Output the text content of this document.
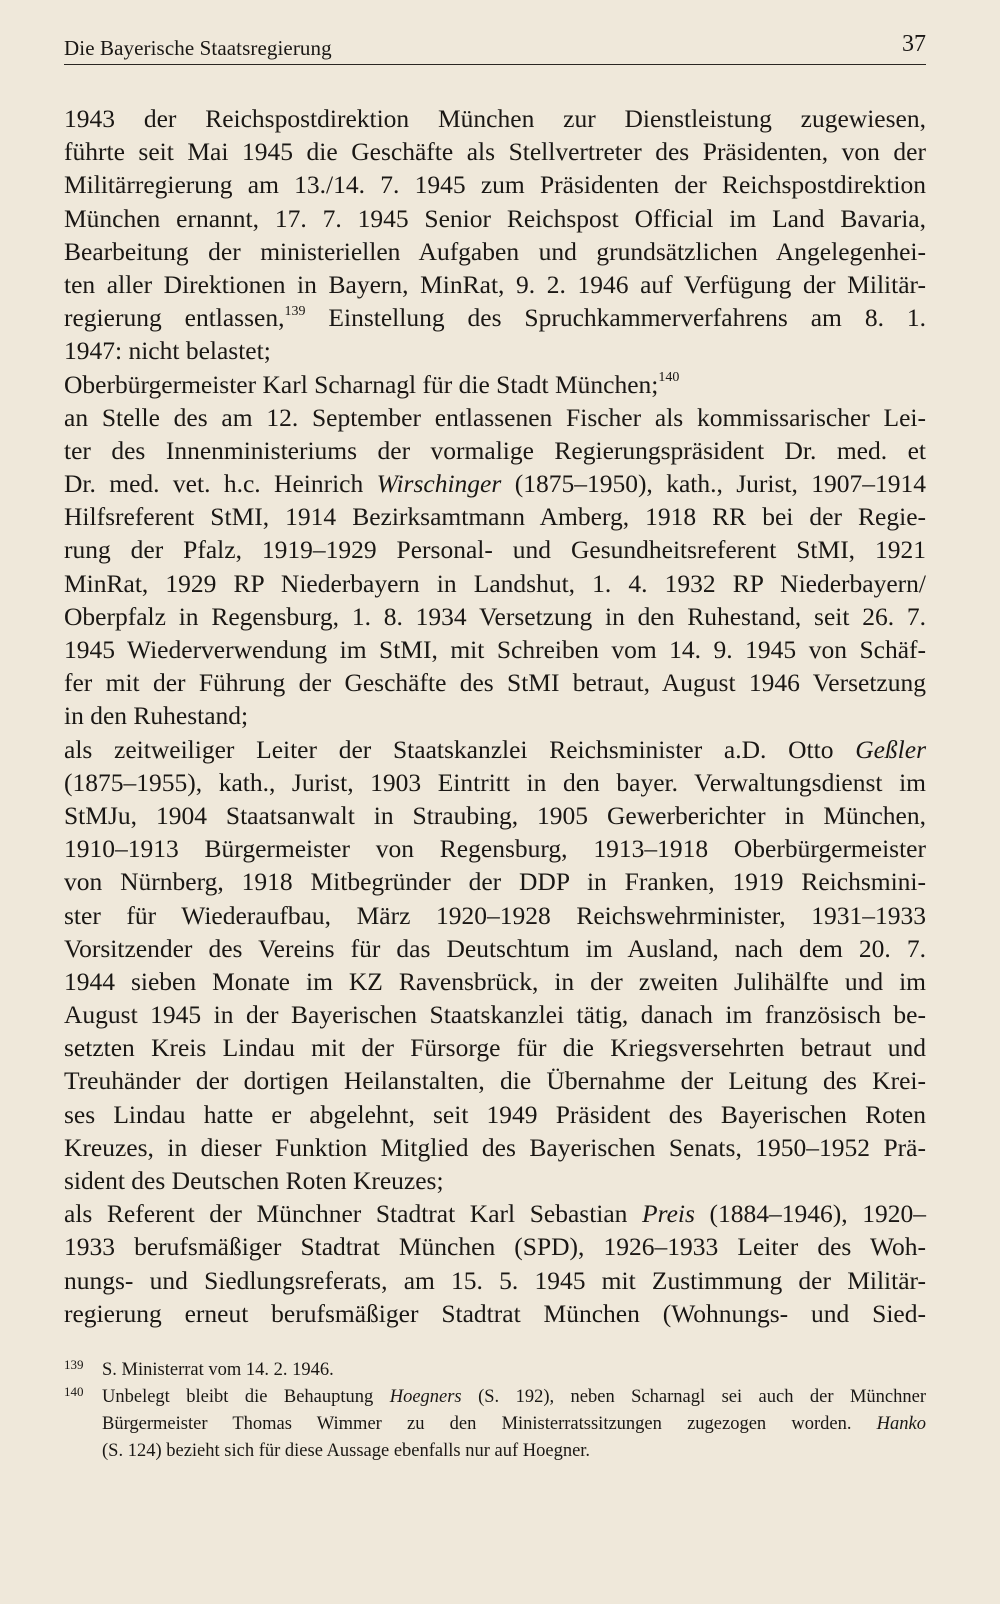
Die Bayerische Staatsregierung	37
1943 der Reichspostdirektion München zur Dienstleistung zugewiesen,
führte seit Mai 1945 die Geschäfte als Stellvertreter des Präsidenten, von der
Militärregierung am 13./14. 7. 1945 zum Präsidenten der Reichspostdirektion
München ernannt, 17. 7. 1945 Senior Reichspost Official im Land Bavaria,
Bearbeitung der ministeriellen Aufgaben und grundsätzlichen Angelegenhei-
ten aller Direktionen in Bayern, MinRat, 9. 2. 1946 auf Verfügung der Militär-
regierung entlassen,$^{139}$ Einstellung des Spruchkammerverfahrens am 8. 1.
1947: nicht belastet;
Oberbürgermeister Karl Scharnagl für die Stadt München;$^{140}$
an Stelle des am 12. September entlassenen Fischer als kommissarischer Lei-
ter des Innenministeriums der vormalige Regierungspräsident Dr. med. et
Dr. med. vet. h.c. Heinrich Wirschinger (1875–1950), kath., Jurist, 1907–1914
Hilfsreferent StMI, 1914 Bezirksamtmann Amberg, 1918 RR bei der Regie-
rung der Pfalz, 1919–1929 Personal- und Gesundheitsreferent StMI, 1921
MinRat, 1929 RP Niederbayern in Landshut, 1. 4. 1932 RP Niederbayern/
Oberpfalz in Regensburg, 1. 8. 1934 Versetzung in den Ruhestand, seit 26. 7.
1945 Wiederverwendung im StMI, mit Schreiben vom 14. 9. 1945 von Schäf-
fer mit der Führung der Geschäfte des StMI betraut, August 1946 Versetzung
in den Ruhestand;
als zeitweiliger Leiter der Staatskanzlei Reichsminister a.D. Otto Geßler
(1875–1955), kath., Jurist, 1903 Eintritt in den bayer. Verwaltungsdienst im
StMJu, 1904 Staatsanwalt in Straubing, 1905 Gewerberichter in München,
1910–1913 Bürgermeister von Regensburg, 1913–1918 Oberbürgermeister
von Nürnberg, 1918 Mitbegründer der DDP in Franken, 1919 Reichsmini-
ster für Wiederaufbau, März 1920–1928 Reichswehrminister, 1931–1933
Vorsitzender des Vereins für das Deutschtum im Ausland, nach dem 20. 7.
1944 sieben Monate im KZ Ravensbrück, in der zweiten Julihälfte und im
August 1945 in der Bayerischen Staatskanzlei tätig, danach im französisch be-
setzten Kreis Lindau mit der Fürsorge für die Kriegsversehrten betraut und
Treuhänder der dortigen Heilanstalten, die Übernahme der Leitung des Krei-
ses Lindau hatte er abgelehnt, seit 1949 Präsident des Bayerischen Roten
Kreuzes, in dieser Funktion Mitglied des Bayerischen Senats, 1950–1952 Prä-
sident des Deutschen Roten Kreuzes;
als Referent der Münchner Stadtrat Karl Sebastian Preis (1884–1946), 1920–
1933 berufsmäßiger Stadtrat München (SPD), 1926–1933 Leiter des Woh-
nungs- und Siedlungsreferats, am 15. 5. 1945 mit Zustimmung der Militär-
regierung erneut berufsmäßiger Stadtrat München (Wohnungs- und Sied-
139	S. Ministerrat vom 14. 2. 1946.
140	Unbelegt bleibt die Behauptung Hoegners (S. 192), neben Scharnagl sei auch der Münchner
Bürgermeister Thomas Wimmer zu den Ministerratssitzungen zugezogen worden. Hanko
(S. 124) bezieht sich für diese Aussage ebenfalls nur auf Hoegner.
